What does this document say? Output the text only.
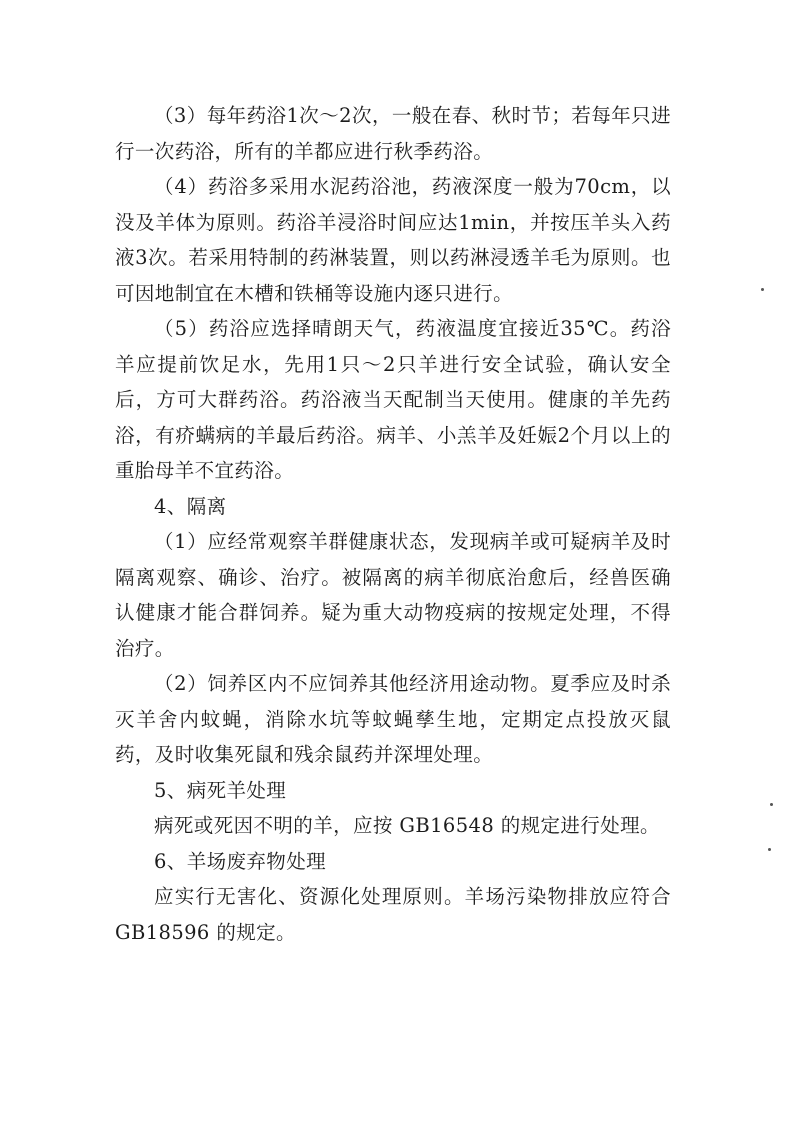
（3）每年药浴1次～2次，一般在春、秋时节；若每年只进行一次药浴，所有的羊都应进行秋季药浴。

（4）药浴多采用水泥药浴池，药液深度一般为70cm，以没及羊体为原则。药浴羊浸浴时间应达1min，并按压羊头入药液3次。若采用特制的药淋装置，则以药淋浸透羊毛为原则。也可因地制宜在木槽和铁桶等设施内逐只进行。

（5）药浴应选择晴朗天气，药液温度宜接近35℃。药浴羊应提前饮足水，先用1只～2只羊进行安全试验，确认安全后，方可大群药浴。药浴液当天配制当天使用。健康的羊先药浴，有疥螨病的羊最后药浴。病羊、小羔羊及妊娠2个月以上的重胎母羊不宜药浴。

4、隔离

（1）应经常观察羊群健康状态，发现病羊或可疑病羊及时隔离观察、确诊、治疗。被隔离的病羊彻底治愈后，经兽医确认健康才能合群饲养。疑为重大动物疫病的按规定处理，不得治疗。

（2）饲养区内不应饲养其他经济用途动物。夏季应及时杀灭羊舍内蚊蝇，消除水坑等蚊蝇孳生地，定期定点投放灭鼠药，及时收集死鼠和残余鼠药并深埋处理。

5、病死羊处理

病死或死因不明的羊，应按 GB16548 的规定进行处理。

6、羊场废弃物处理

应实行无害化、资源化处理原则。羊场污染物排放应符合 GB18596 的规定。
